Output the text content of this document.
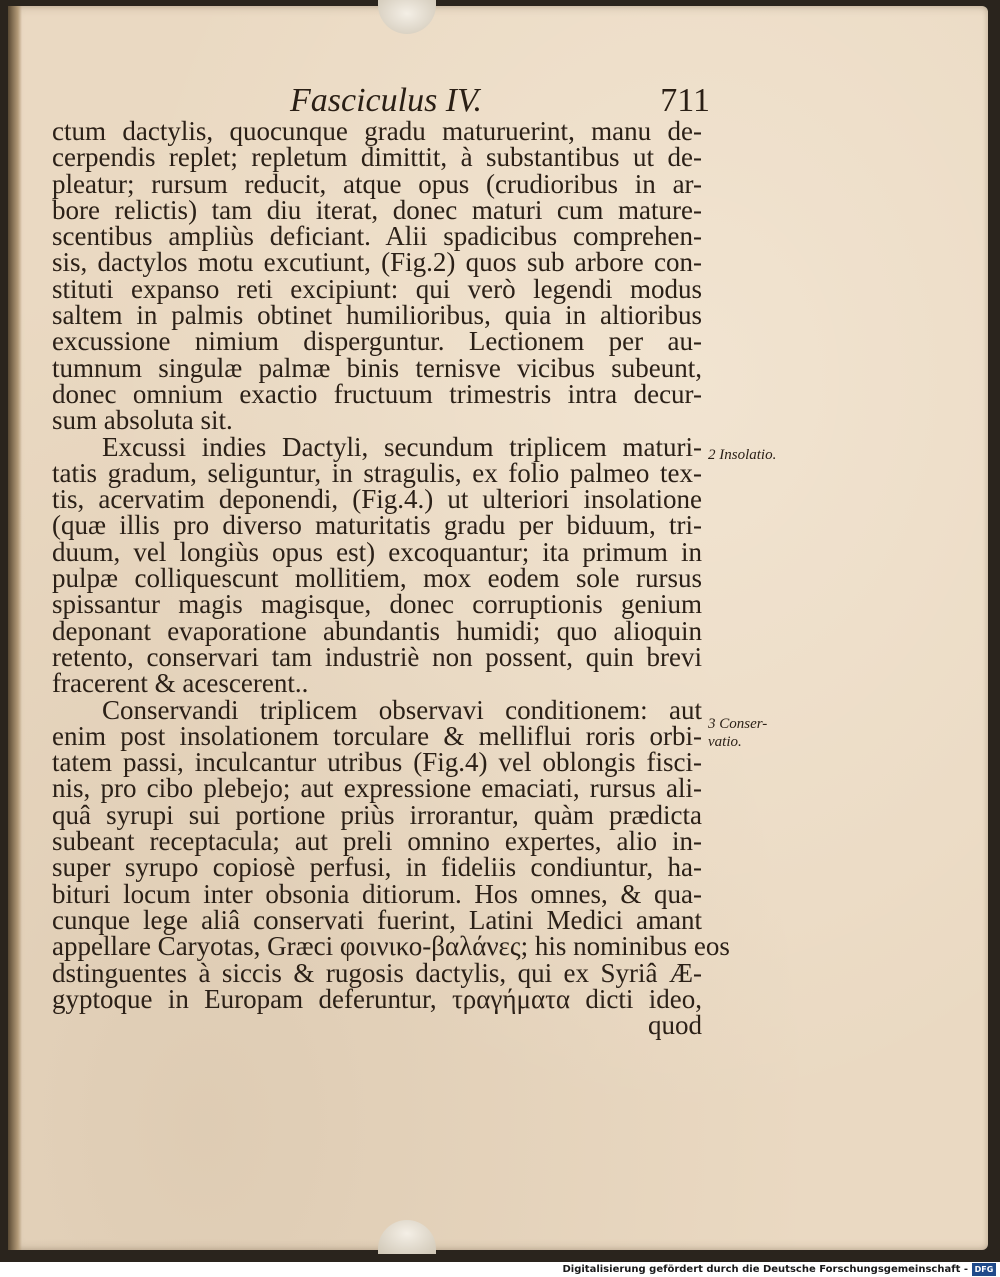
Fasciculus IV.	711
ctum dactylis, quocunque gradu maturuerint, manu de-
cerpendis replet; repletum dimittit, à substantibus ut de-
pleatur; rursum reducit, atque opus (crudioribus in ar-
bore relictis) tam diu iterat, donec maturi cum mature-
scentibus ampliùs deficiant. Alii spadicibus comprehen-
sis, dactylos motu excutiunt, (Fig.2) quos sub arbore con-
stituti expanso reti excipiunt: qui verò legendi modus
saltem in palmis obtinet humilioribus, quia in altioribus
excussione nimium disperguntur. Lectionem per au-
tumnum singulæ palmæ binis ternisve vicibus subeunt,
donec omnium exactio fructuum trimestris intra decur-
sum absoluta sit.
Excussi indies Dactyli, secundum triplicem maturi-
tatis gradum, seliguntur, in stragulis, ex folio palmeo tex-
tis, acervatim deponendi, (Fig.4.) ut ulteriori insolatione
(quæ illis pro diverso maturitatis gradu per biduum, tri-
duum, vel longiùs opus est) excoquantur; ita primum in
pulpæ colliquescunt mollitiem, mox eodem sole rursus
spissantur magis magisque, donec corruptionis genium
deponant evaporatione abundantis humidi; quo alioquin
retento, conservari tam industriè non possent, quin brevi
fracerent & acescerent..
Conservandi triplicem observavi conditionem: aut
enim post insolationem torculare & melliflui roris orbi-
tatem passi, inculcantur utribus (Fig.4) vel oblongis fisci-
nis, pro cibo plebejo; aut expressione emaciati, rursus ali-
quâ syrupi sui portione priùs irrorantur, quàm prædicta
subeant receptacula; aut preli omnino expertes, alio in-
super syrupo copiosè perfusi, in fideliis condiuntur, ha-
bituri locum inter obsonia ditiorum. Hos omnes, & qua-
cunque lege aliâ conservati fuerint, Latini Medici amant
appellare Caryotas, Græci φοινικο-βαλάνες; his nominibus eos
dstinguentes à siccis & rugosis dactylis, qui ex Syriâ Æ-
gyptoque in Europam deferuntur, τραγήματα dicti ideo,
quod
2 Insolatio.
3 Conser-
vatio.
Digitalisierung gefördert durch die Deutsche Forschungsgemeinschaft - DFG
